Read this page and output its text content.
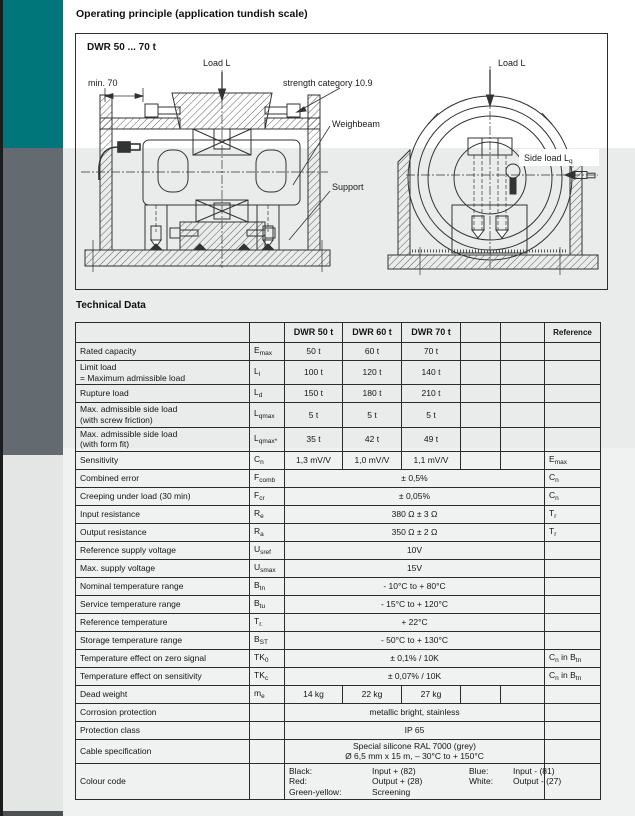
Operating principle (application tundish scale)
Load L
min. 70	strength category 10.9
Weighbeam
Support
Load L
Side load $L_q$
DWR 50 ... 70 t
Technical Data
		DWR 50 t	DWR 60 t	DWR 70 t			Reference

Rated capacity	$E_{max}$	50 t	60 t	70 t			

Limit load
= Maximum admissible load	$L_l$	100 t	120 t	140 t			

Rupture load	$L_d$	150 t	180 t	210 t			

Max. admissible side load
(with screw friction)	$L_{qmax}$	5 t	5 t	5 t			

Max. admissible side load
(with form fit)	$L_{qmax*}$	35 t	42 t	49 t			

Sensitivity	$C_n$	1,3 mV/V	1,0 mV/V	1,1 mV/V			$E_{max}$

Combined error	$F_{comb}$	± 0,5%					$C_n$

Creeping under load (30 min)	$F_{cr}$	± 0,05%					$C_n$

Input resistance	$R_e$	380 Ω ± 3 Ω					$T_r$

Output resistance	$R_a$	350 Ω ± 2 Ω					$T_r$

Reference supply voltage	$U_{sref}$	10V					

Max. supply voltage	$U_{smax}$	15V					

Nominal temperature range	$B_{tn}$	- 10°C to + 80°C					

Service temperature range	$B_{tu}$	- 15°C to + 120°C					

Reference temperature	$T_{r.}$	+ 22°C					

Storage temperature range	$B_{ST}$	- 50°C to + 130°C					

Temperature effect on zero signal	$TK_0$	± 0,1% / 10K					$C_n$ in $B_{tn}$

Temperature effect on sensitivity	$TK_c$	± 0,07% / 10K					$C_n$ in $B_{tn}$

Dead weight	$m_e$	14 kg	22 kg	27 kg			

Corrosion protection		metallic bright, stainless					

Protection class		IP 65					

Cable specification		Special silicone RAL 7000 (grey)
Ø 6,5 mm x 15 m, – 30°C to + 150°C					

Colour code

Black:	Input + (82)	Blue:	Input - (81)
Red:	Output + (28)	White:	Output - (27)
Green-yellow:	Screening
